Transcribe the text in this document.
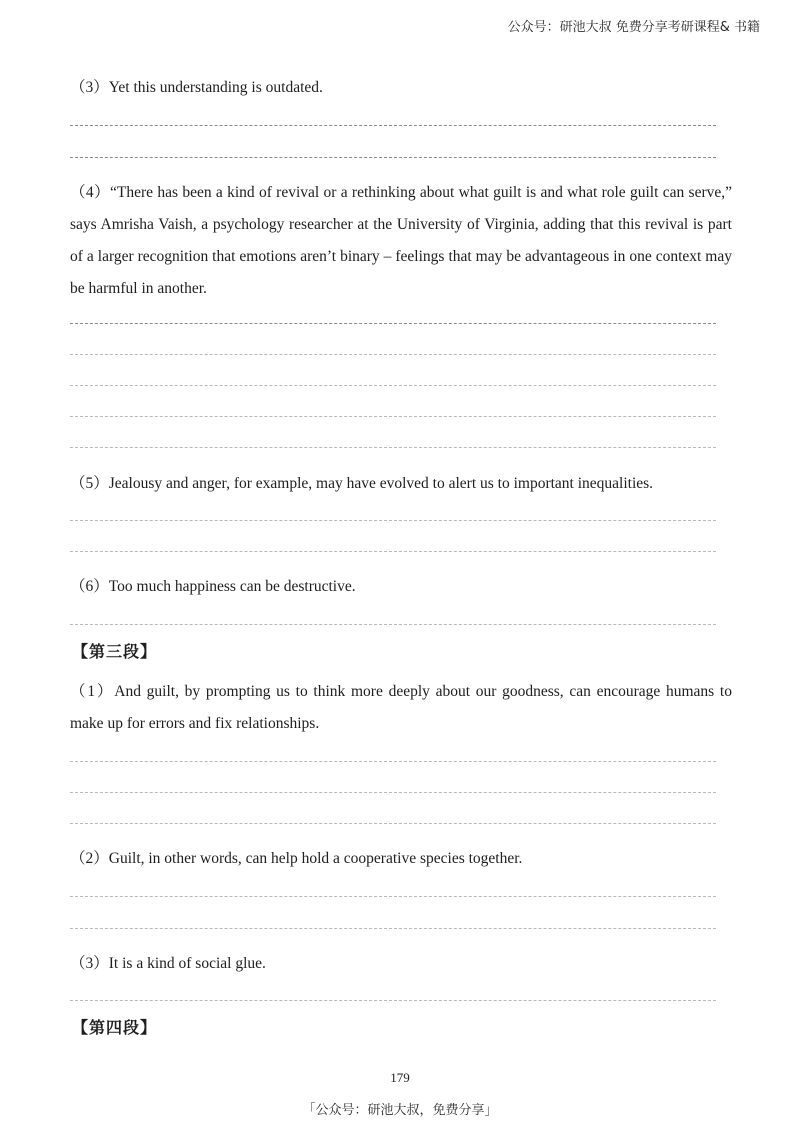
公众号：研池大叔 免费分享考研课程& 书籍
（3）Yet this understanding is outdated.
（4）“There has been a kind of revival or a rethinking about what guilt is and what role guilt can serve,” says Amrisha Vaish, a psychology researcher at the University of Virginia, adding that this revival is part of a larger recognition that emotions aren’t binary – feelings that may be advantageous in one context may be harmful in another.
（5）Jealousy and anger, for example, may have evolved to alert us to important inequalities.
（6）Too much happiness can be destructive.
【第三段】
（1）And guilt, by prompting us to think more deeply about our goodness, can encourage humans to make up for errors and fix relationships.
（2）Guilt, in other words, can help hold a cooperative species together.
（3）It is a kind of social glue.
【第四段】
179
「公众号：研池大叔，免费分享」
